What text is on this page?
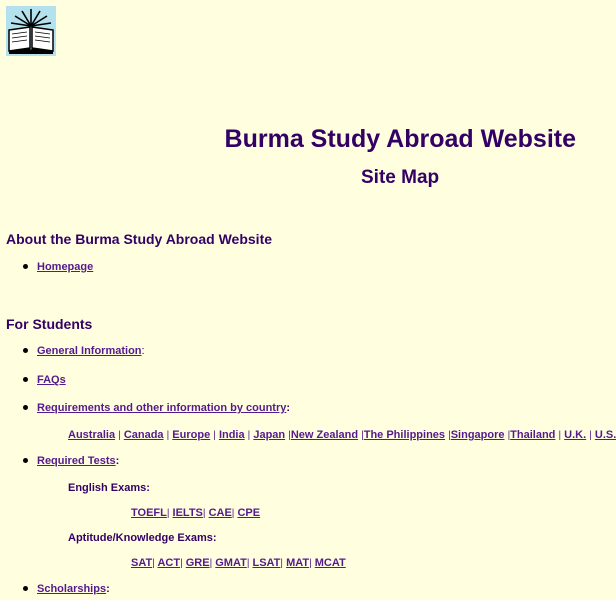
Burma Study Abroad Website
Site Map
About the Burma Study Abroad Website
Homepage
For Students
General Information:
FAQs
Requirements and other information by country:
Australia | Canada | Europe | India | Japan |New Zealand |The Philippines |Singapore |Thailand | U.K. | U.S.
Required Tests:
English Exams:
TOEFL| IELTS| CAE| CPE
Aptitude/Knowledge Exams:
SAT| ACT| GRE| GMAT| LSAT| MAT| MCAT
Scholarships:
